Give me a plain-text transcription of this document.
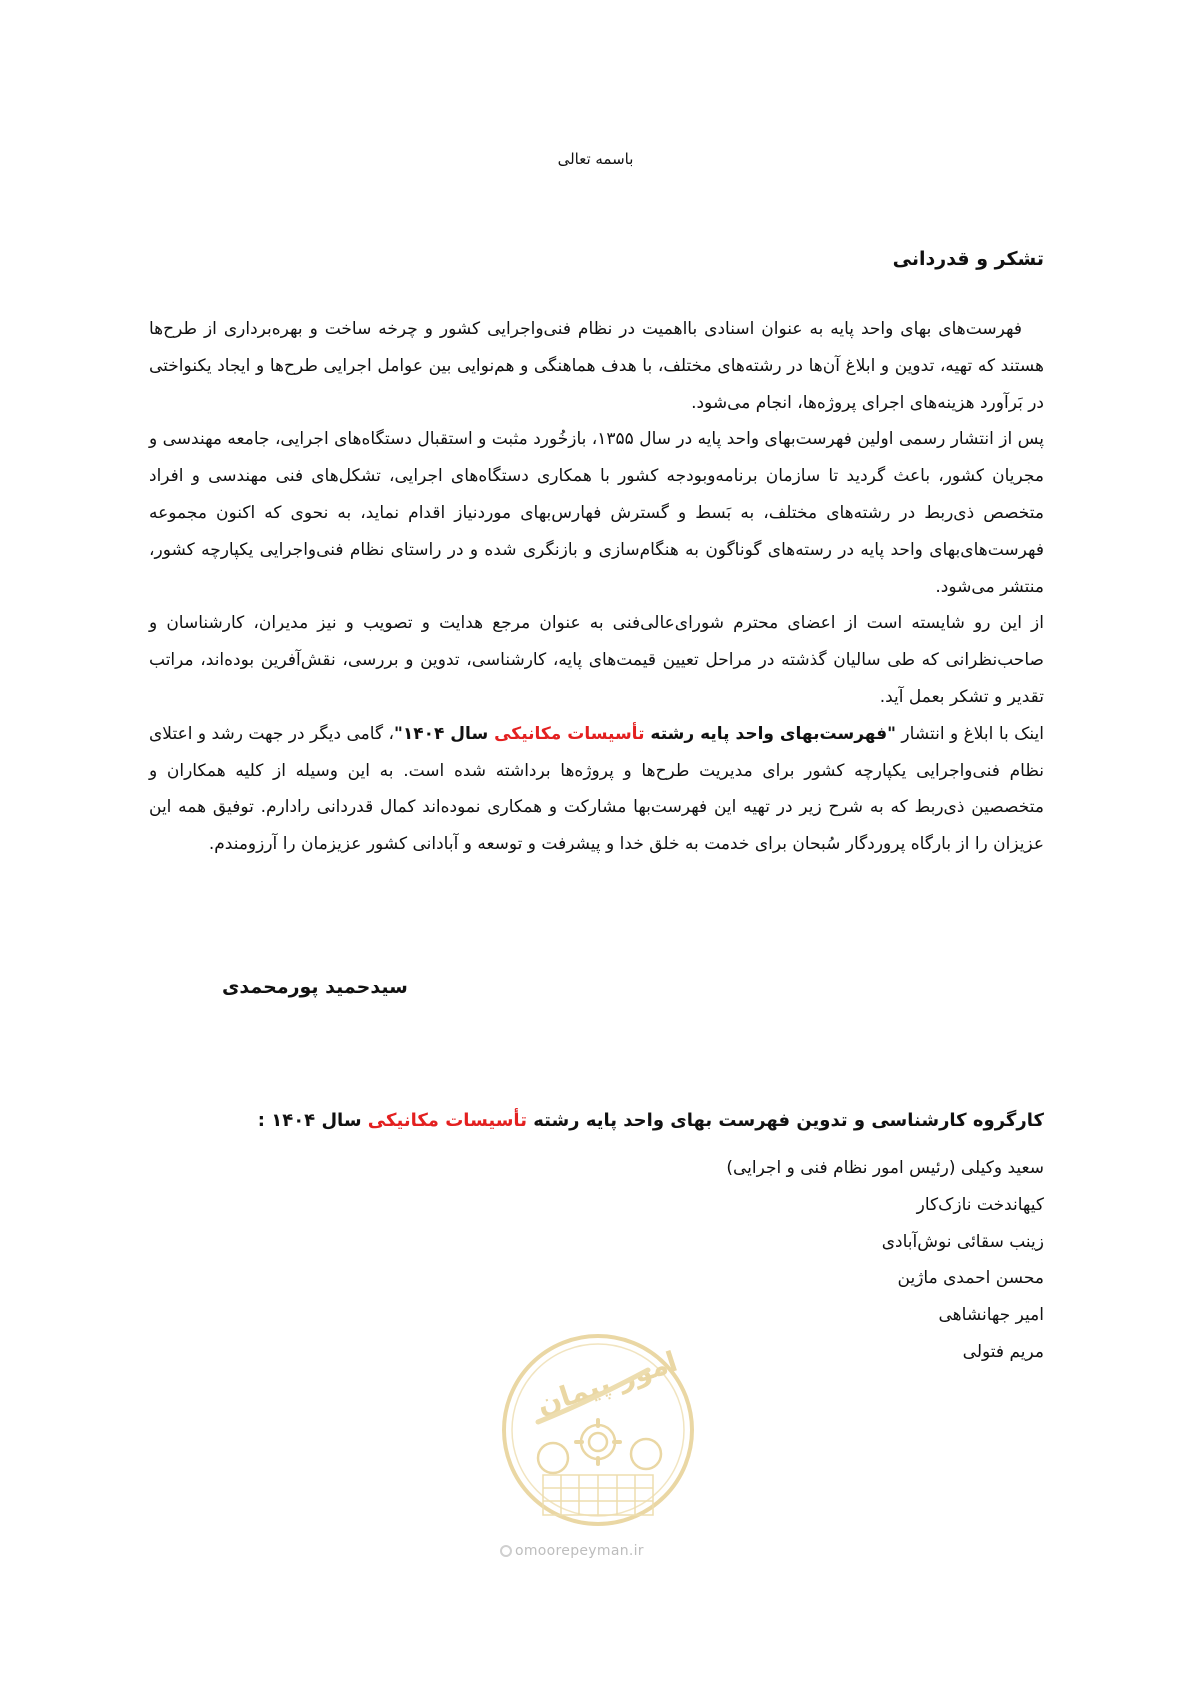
باسمه تعالی
تشکر و قدردانی

فهرست‌های بهای واحد پایه به عنوان اسنادی بااهمیت در نظام فنی‌واجرایی کشور و چرخه ساخت و بهره‌برداری از طرح‌ها هستند که تهیه، تدوین و ابلاغ آن‌ها در رشته‌های مختلف، با هدف هماهنگی و هم‌نوایی بین عوامل اجرایی طرح‌ها و ایجاد یکنواختی در بَرآورد هزینه‌های اجرای پروژه‌ها، انجام می‌شود.

پس از انتشار رسمی اولین فهرست‌بهای واحد پایه در سال ۱۳۵۵، بازخُورد مثبت و استقبال دستگاه‌های اجرایی، جامعه مهندسی و مجریان کشور، باعث گردید تا سازمان برنامه‌وبودجه کشور با همکاری دستگاه‌های اجرایی، تشکل‌های فنی مهندسی و افراد متخصص ذی‌ربط در رشته‌های مختلف، به بَسط و گسترش فهارس‌بهای موردنیاز اقدام نماید، به نحوی که اکنون مجموعه فهرست‌های‌بهای واحد پایه در رسته‌های گوناگون به هنگام‌سازی و بازنگری شده و در راستای نظام فنی‌واجرایی یکپارچه کشور، منتشر می‌شود.

از این رو شایسته است از اعضای محترم شورای‌عالی‌فنی به عنوان مرجع هدایت و تصویب و نیز مدیران، کارشناسان و صاحب‌نظرانی که طی سالیان گذشته در مراحل تعیین قیمت‌های پایه، کارشناسی، تدوین و بررسی، نقش‌آفرین بوده‌اند، مراتب تقدیر و تشکر بعمل آید.

اینک با ابلاغ و انتشار "فهرست‌بهای واحد پایه رشته تأسیسات مکانیکی سال ۱۴۰۴"، گامی دیگر در جهت رشد و اعتلای نظام فنی‌واجرایی یکپارچه کشور برای مدیریت طرح‌ها و پروژه‌ها برداشته شده است. به این وسیله از کلیه همکاران و متخصصین ذی‌ربط که به شرح زیر در تهیه این فهرست‌بها مشارکت و همکاری نموده‌اند کمال قدردانی رادارم. توفیق همه این عزیزان را از بارگاه پروردگار سُبحان برای خدمت به خلق خدا و پیشرفت و توسعه و آبادانی کشور عزیزمان را آرزومندم.

سیدحمید پورمحمدی
کارگروه کارشناسی و تدوین فهرست بهای واحد پایه رشته تأسیسات مکانیکی سال ۱۴۰۴ :
سعید وکیلی (رئیس امور نظام فنی و اجرایی)
کیهاندخت نازک‌کار
زینب سقائی نوش‌آبادی
محسن احمدی ماژین
امیر جهانشاهی
مریم فتولی
امور پیمان
omoorepeyman.ir
